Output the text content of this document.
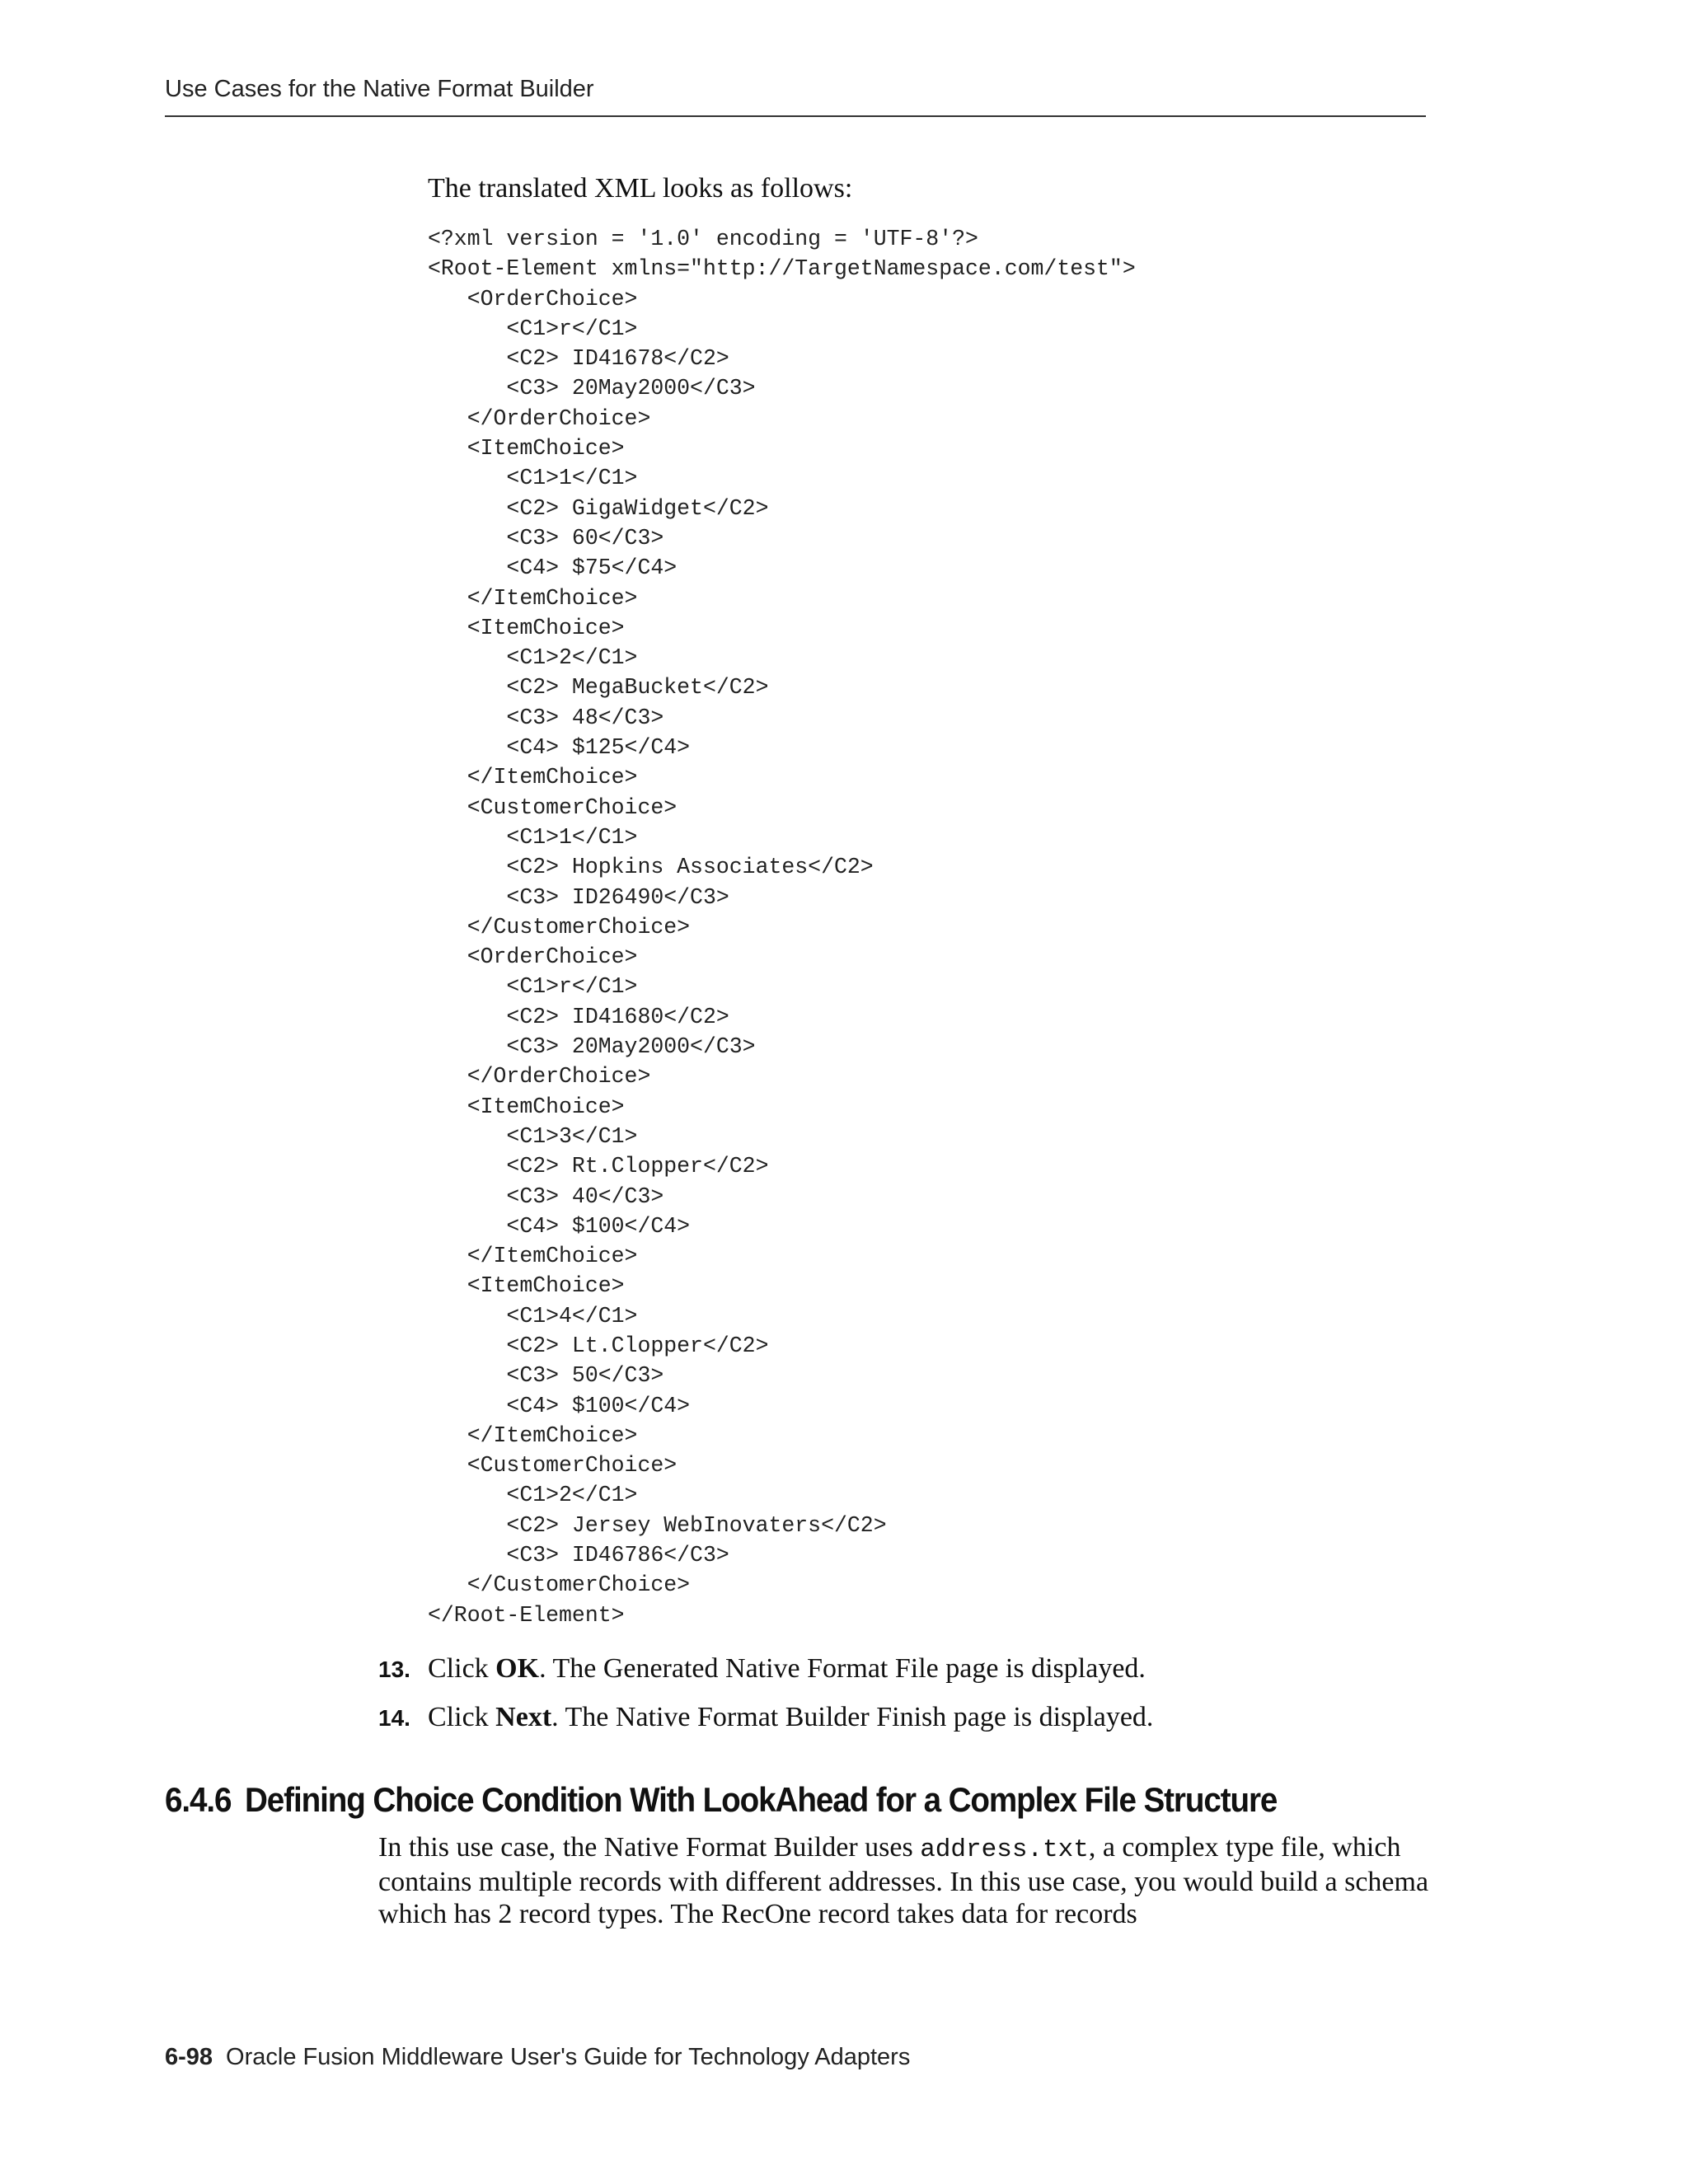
Use Cases for the Native Format Builder
The translated XML looks as follows:
<?xml version = '1.0' encoding = 'UTF-8'?>
<Root-Element xmlns="http://TargetNamespace.com/test">
<OrderChoice>
<C1>r</C1>
<C2> ID41678</C2>
<C3> 20May2000</C3>
</OrderChoice>
<ItemChoice>
<C1>1</C1>
<C2> GigaWidget</C2>
<C3> 60</C3>
<C4> $75</C4>
</ItemChoice>
<ItemChoice>
<C1>2</C1>
<C2> MegaBucket</C2>
<C3> 48</C3>
<C4> $125</C4>
</ItemChoice>
<CustomerChoice>
<C1>1</C1>
<C2> Hopkins Associates</C2>
<C3> ID26490</C3>
</CustomerChoice>
<OrderChoice>
<C1>r</C1>
<C2> ID41680</C2>
<C3> 20May2000</C3>
</OrderChoice>
<ItemChoice>
<C1>3</C1>
<C2> Rt.Clopper</C2>
<C3> 40</C3>
<C4> $100</C4>
</ItemChoice>
<ItemChoice>
<C1>4</C1>
<C2> Lt.Clopper</C2>
<C3> 50</C3>
<C4> $100</C4>
</ItemChoice>
<CustomerChoice>
<C1>2</C1>
<C2> Jersey WebInovaters</C2>
<C3> ID46786</C3>
</CustomerChoice>
</Root-Element>
13. Click OK. The Generated Native Format File page is displayed.
14. Click Next. The Native Format Builder Finish page is displayed.
6.4.6 Defining Choice Condition With LookAhead for a Complex File Structure

In this use case, the Native Format Builder uses address.txt, a complex type file, which contains multiple records with different addresses. In this use case, you would build a schema which has 2 record types. The RecOne record takes data for records

6-98 Oracle Fusion Middleware User's Guide for Technology Adapters
